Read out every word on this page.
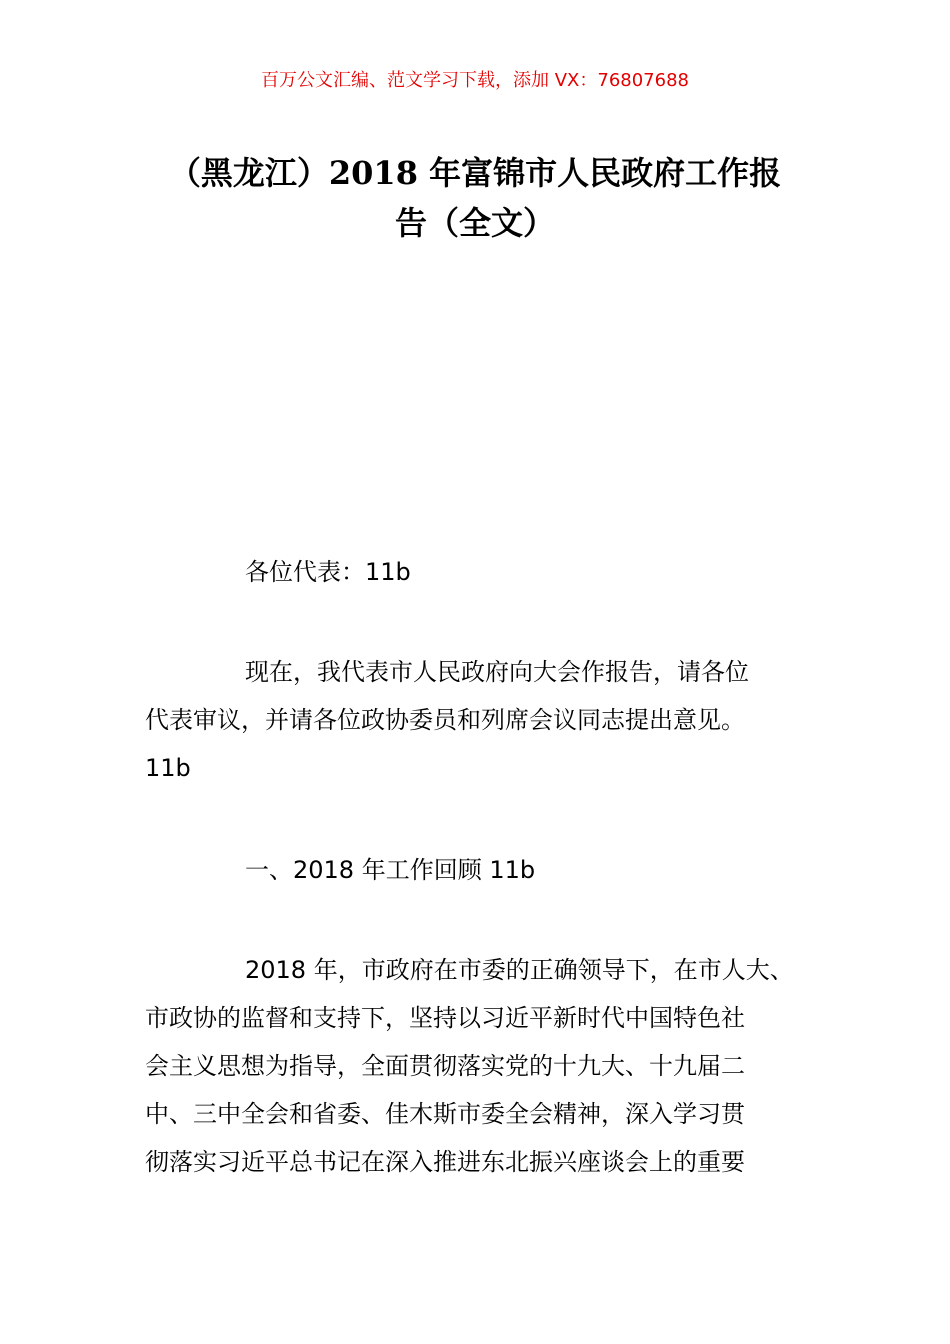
百万公文汇编、范文学习下载，添加 VX：76807688
（黑龙江）2018 年富锦市人民政府工作报
告（全文）

各位代表：11b

现在，我代表市人民政府向大会作报告，请各位
代表审议，并请各位政协委员和列席会议同志提出意见。
11b

一、2018 年工作回顾 11b

2018 年，市政府在市委的正确领导下，在市人大、
市政协的监督和支持下，坚持以习近平新时代中国特色社
会主义思想为指导，全面贯彻落实党的十九大、十九届二
中、三中全会和省委、佳木斯市委全会精神，深入学习贯
彻落实习近平总书记在深入推进东北振兴座谈会上的重要
